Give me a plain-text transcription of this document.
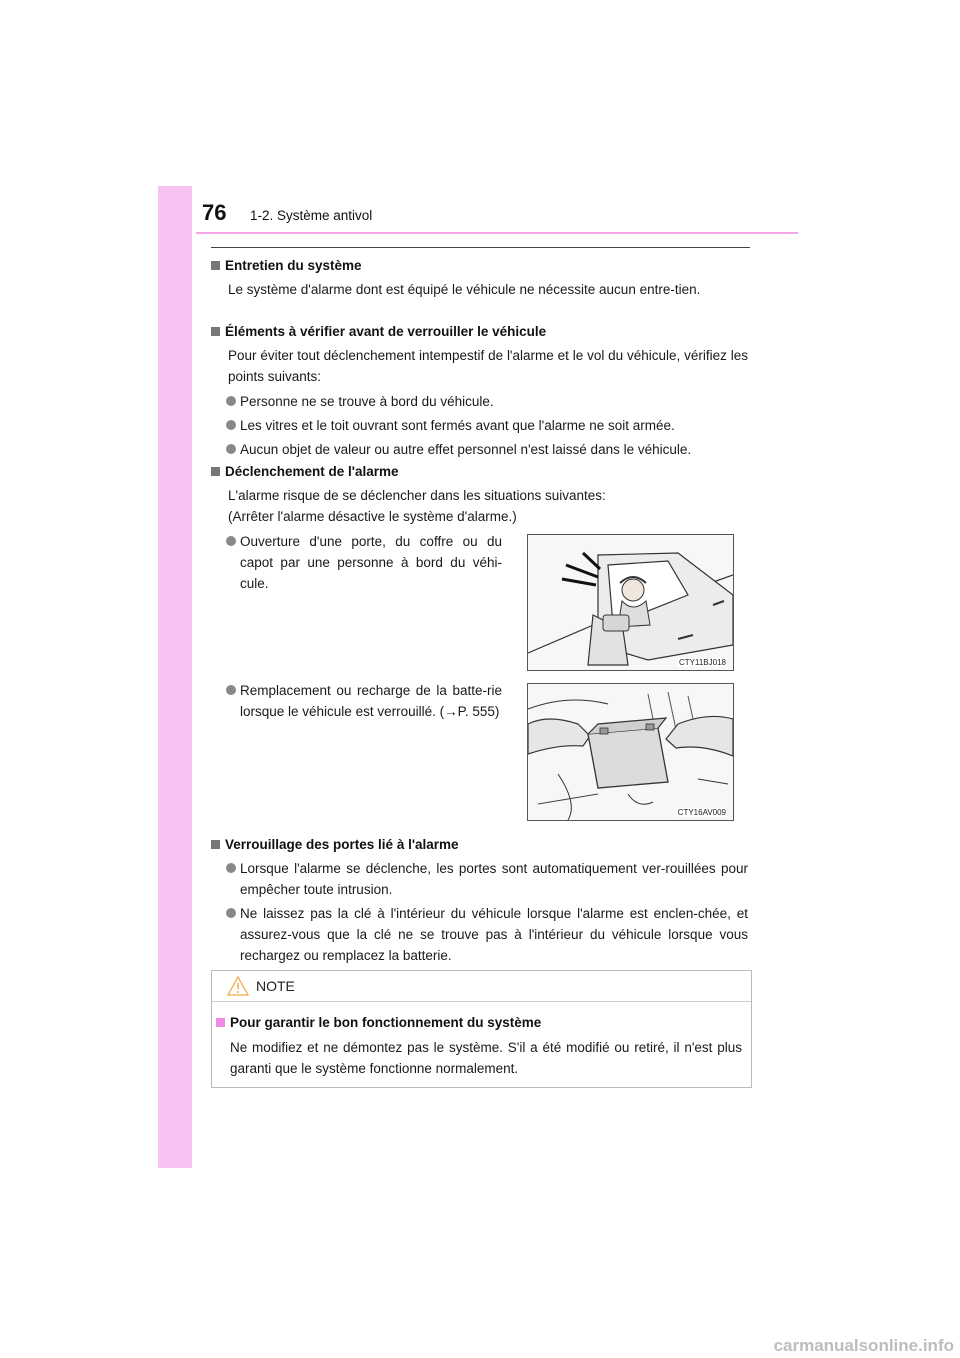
76 1-2. Système antivol
Entretien du système
Le système d'alarme dont est équipé le véhicule ne nécessite aucun entre-tien.
Éléments à vérifier avant de verrouiller le véhicule
Pour éviter tout déclenchement intempestif de l'alarme et le vol du véhicule, vérifiez les points suivants:
Personne ne se trouve à bord du véhicule.
Les vitres et le toit ouvrant sont fermés avant que l'alarme ne soit armée.
Aucun objet de valeur ou autre effet personnel n'est laissé dans le véhicule.
Déclenchement de l'alarme
L'alarme risque de se déclencher dans les situations suivantes:
(Arrêter l'alarme désactive le système d'alarme.)
Ouverture d'une porte, du coffre ou du capot par une personne à bord du véhi-cule.
Remplacement ou recharge de la batte-rie lorsque le véhicule est verrouillé. (→P. 555)
CTY11BJ018
CTY16AV009
Verrouillage des portes lié à l'alarme
Lorsque l'alarme se déclenche, les portes sont automatiquement ver-rouillées pour empêcher toute intrusion.
Ne laissez pas la clé à l'intérieur du véhicule lorsque l'alarme est enclen-chée, et assurez-vous que la clé ne se trouve pas à l'intérieur du véhicule lorsque vous rechargez ou remplacez la batterie.
NOTE
Pour garantir le bon fonctionnement du système
Ne modifiez et ne démontez pas le système. S'il a été modifié ou retiré, il n'est plus garanti que le système fonctionne normalement.
carmanualsonline.info
